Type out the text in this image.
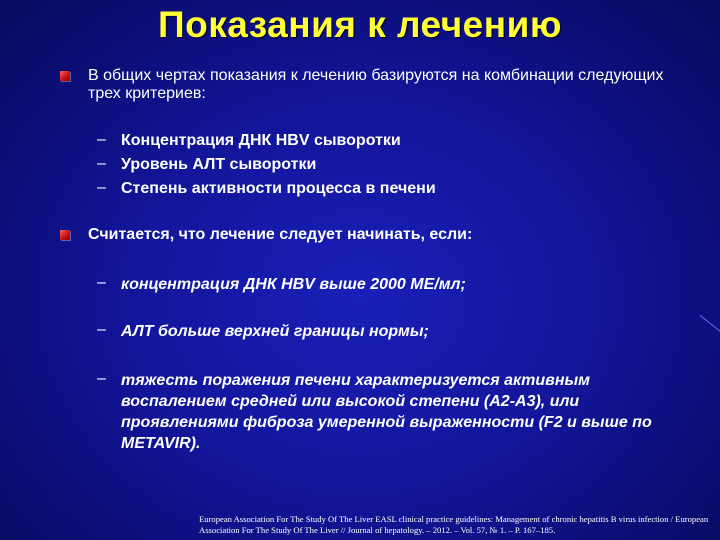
Показания к лечению
В общих чертах показания к лечению базируются на комбинации следующих трех критериев:
– Концентрация ДНК HBV сыворотки
– Уровень АЛТ сыворотки
– Степень активности процесса в печени
Считается, что лечение следует начинать, если:
– концентрация ДНК HBV выше 2000 МЕ/мл;
– АЛТ больше верхней границы нормы;
– тяжесть поражения печени характеризуется активным воспалением средней или высокой степени (А2-А3), или проявлениями фиброза умеренной выраженности (F2 и выше по METAVIR).
European Association For The Study Of The Liver EASL clinical practice guidelines: Management of chronic hepatitis B virus infection / European Association For The Study Of The Liver // Journal of hepatology. – 2012. – Vol. 57, № 1. – P. 167–185.
